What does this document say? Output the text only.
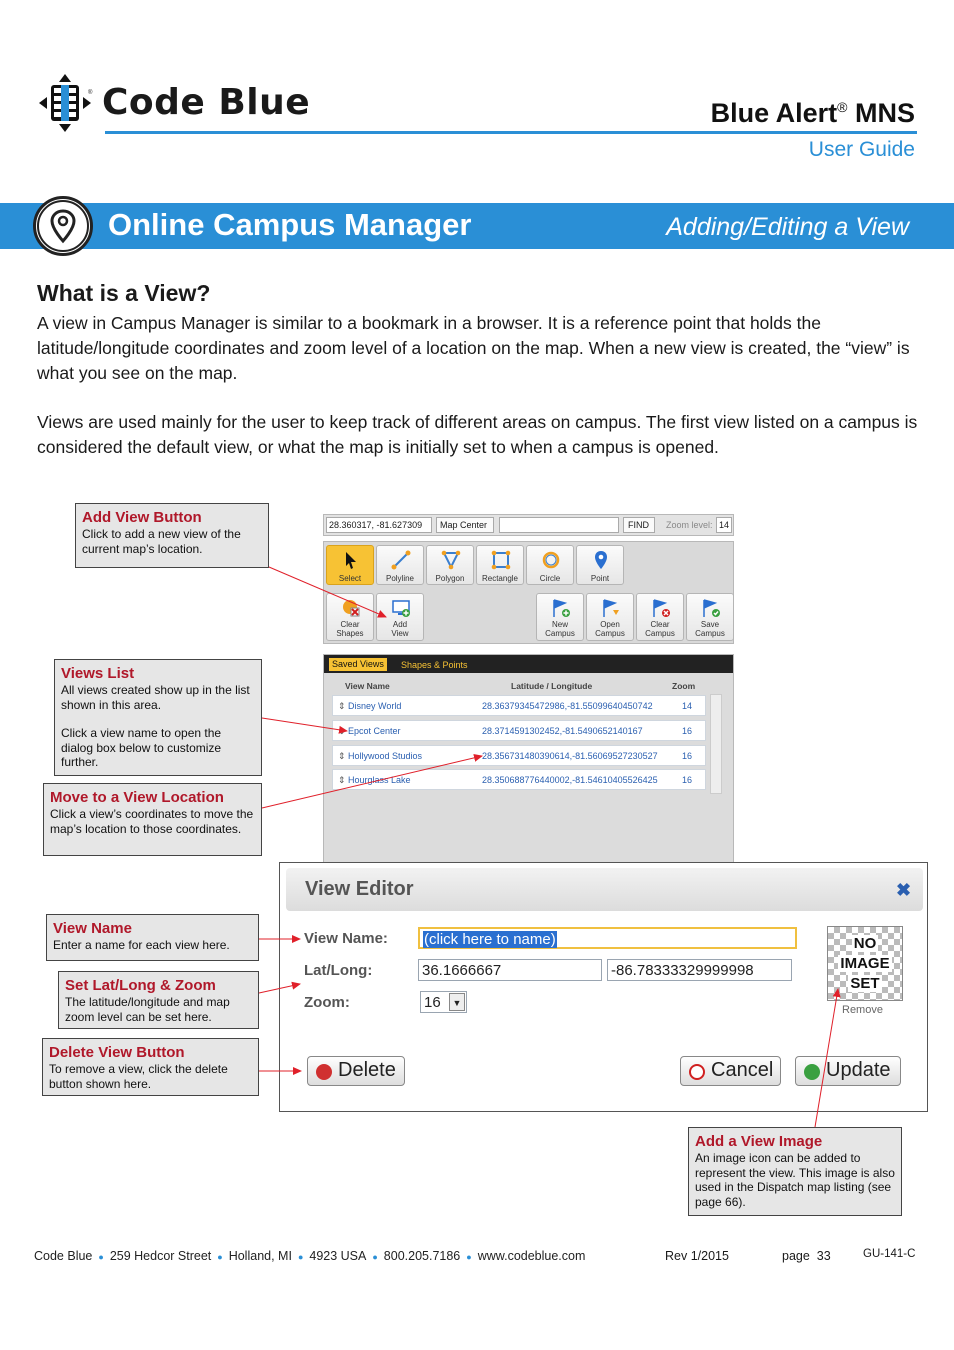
® Code Blue	Blue Alert® MNS
User Guide
Online Campus Manager	Adding/Editing a View
What is a View?
A view in Campus Manager is similar to a bookmark in a browser. It is a reference point that holds the latitude/longitude coordinates and zoom level of a location on the map. When a new view is created, the “view” is what you see on the map.
Views are used mainly for the user to keep track of different areas on campus. The first view listed on a campus is considered the default view, or what the map is initially set to when a campus is opened.
28.360317, -81.627309	Map Center	FIND	Zoom level: 14
Select	Polyline	Polygon	Rectangle	Circle	Point
Clear
Shapes
Add
View
New
Campus
Open
Campus
Clear
Campus
Save
Campus
Saved Views	Shapes & Points
View Name	Latitude / Longitude	Zoom
⇕ Disney World	28.36379345472986,-81.55099640450742	14
⇕ Epcot Center	28.3714591302452,-81.5490652140167	16
⇕ Hollywood Studios	28.356731480390614,-81.56069527230527	16
⇕ Hourglass Lake	28.350688776440002,-81.54610405526425	16
View Editor	✖
View Name:	(click here to name)
Lat/Long:	36.1666667	-86.78333329999998
Zoom:	16	▼
NO
IMAGE
SET
Remove
Delete	Cancel	Update
Add View Button
Click to add a new view of the current map’s location.
Views List
All views created show up in the list shown in this area.
Click a view name to open the dialog box below to customize further.
Move to a View Location
Click a view’s coordinates to move the map’s location to those coordinates.
View Name
Enter a name for each view here.
Set Lat/Long & Zoom
The latitude/longitude and map zoom level can be set here.
Delete View Button
To remove a view, click the delete button shown here.
Add a View Image
An image icon can be added to represent the view. This image is also used in the Dispatch map listing (see page 66).
Code Blue ● 259 Hedcor Street ● Holland, MI ● 4923 USA ● 800.205.7186 ● www.codeblue.com	Rev 1/2015	page  33	GU-141-C
